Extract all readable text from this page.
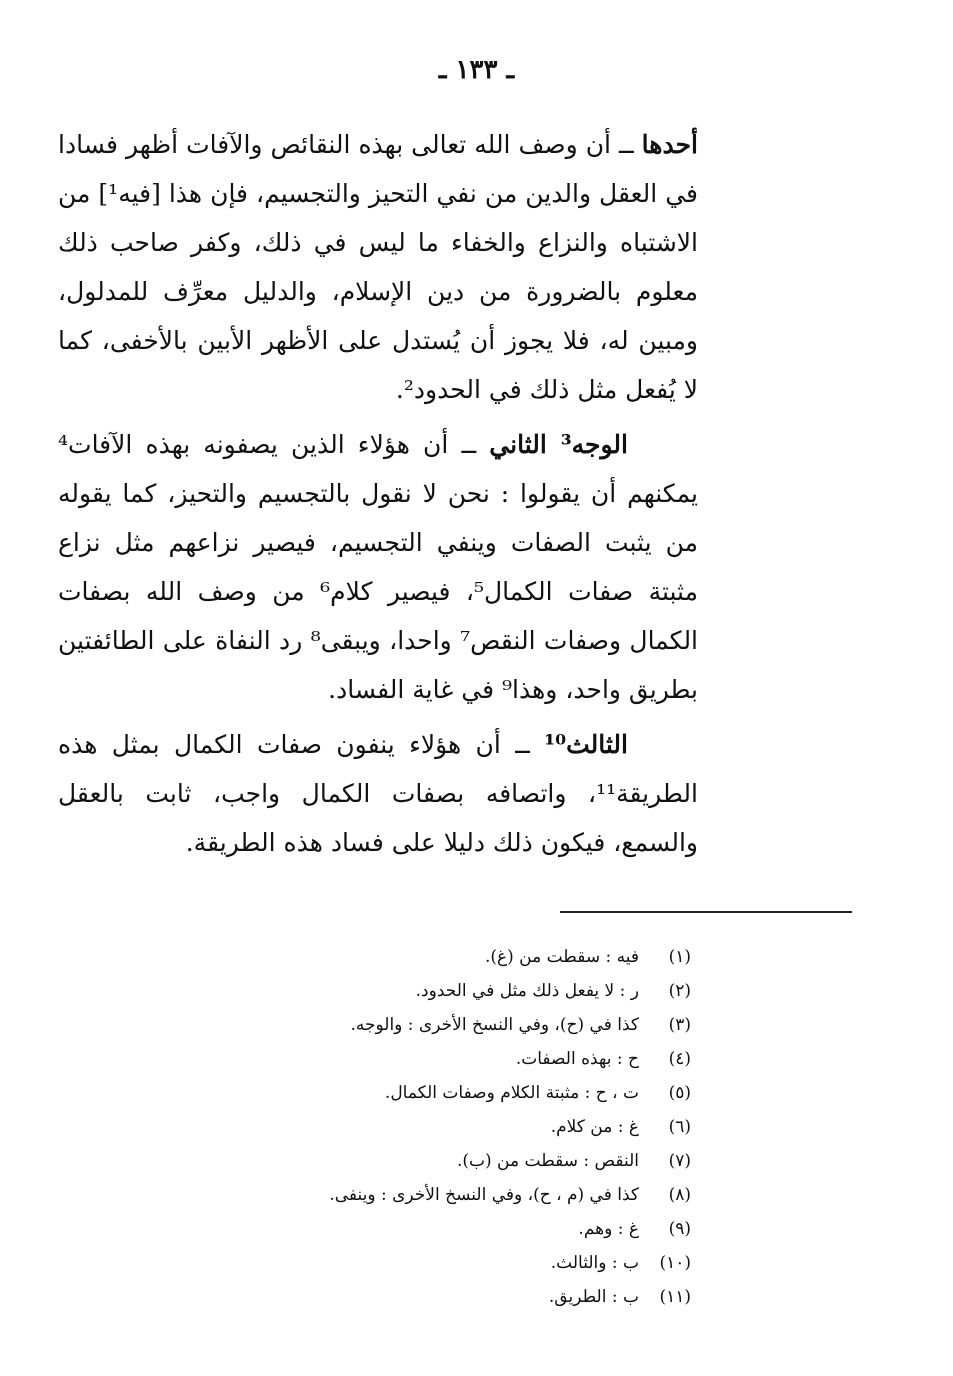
ـ ١٣٣ ـ

أحدها ــ أن وصف الله تعالى بهذه النقائص والآفات أظهر فسادا في العقل والدين من نفي التحيز والتجسيم، فإن هذا [فيه¹] من الاشتباه والنزاع والخفاء ما ليس في ذلك، وكفر صاحب ذلك معلوم بالضرورة من دين الإسلام، والدليل معرِّف للمدلول، ومبين له، فلا يجوز أن يُستدل على الأظهر الأبين بالأخفى، كما لا يُفعل مثل ذلك في الحدود².

الوجه³ الثاني ــ أن هؤلاء الذين يصفونه بهذه الآفات⁴ يمكنهم أن يقولوا : نحن لا نقول بالتجسيم والتحيز، كما يقوله من يثبت الصفات وينفي التجسيم، فيصير نزاعهم مثل نزاع مثبتة صفات الكمال⁵، فيصير كلام⁶ من وصف الله بصفات الكمال وصفات النقص⁷ واحدا، ويبقى⁸ رد النفاة على الطائفتين بطريق واحد، وهذا⁹ في غاية الفساد.

الثالث¹⁰ ــ أن هؤلاء ينفون صفات الكمال بمثل هذه الطريقة¹¹، واتصافه بصفات الكمال واجب، ثابت بالعقل والسمع، فيكون ذلك دليلا على فساد هذه الطريقة.

(١)
فيه : سقطت من (غ).
(٢)
ر : لا يفعل ذلك مثل في الحدود.
(٣)
كذا في (ح)، وفي النسخ الأخرى : والوجه.
(٤)
ح : بهذه الصفات.
(٥)
ت ، ح : مثبتة الكلام وصفات الكمال.
(٦)
غ : من كلام.
(٧)
النقص : سقطت من (ب).
(٨)
كذا في (م ، ح)، وفي النسخ الأخرى : وينفى.
(٩)
غ : وهم.
(١٠)
ب : والثالث.
(١١)
ب : الطريق.
